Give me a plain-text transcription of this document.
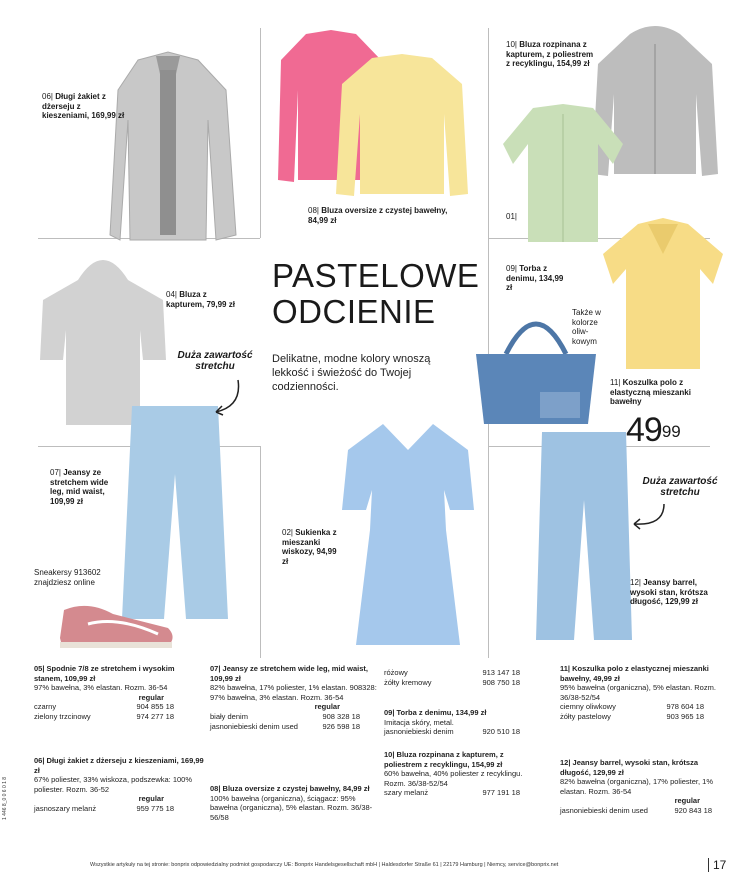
PASTELOWE
ODCIENIE
Delikatne, modne kolory wnoszą lekkość i świeżość do Twojej codzienności.
06| Długi żakiet z dżerseju z kieszeniami, 169,99 zł
08| Bluza oversize z czystej bawełny, 84,99 zł
10| Bluza rozpinana z kapturem, z poliestrem z recyklingu, 154,99 zł
01|
04| Bluza z kapturem, 79,99 zł
09| Torba z denimu, 134,99 zł
Także w kolorze oliw-kowym
11| Koszulka polo z elastyczną mieszanki bawełny
07| Jeansy ze stretchem wide leg, mid waist, 109,99 zł
02| Sukienka z mieszanki wiskozy, 94,99 zł
12| Jeansy barrel, wysoki stan, krótsza długość, 129,99 zł
Sneakersy 913602 znajdziesz online
Duża zawartość stretchu
Duża zawartość stretchu
$49^{99}$
05| Spodnie 7/8 ze stretchem i wysokim stanem, 109,99 zł
97% bawełna, 3% elastan. Rozm. 36-54
regular
czarny	904 855 18
zielony trzcinowy	974 277 18
06| Długi żakiet z dżerseju z kieszeniami, 169,99 zł
67% poliester, 33% wiskoza, podszewka: 100% poliester. Rozm. 36-52
regular
jasnoszary melanż	959 775 18
07| Jeansy ze stretchem wide leg, mid waist, 109,99 zł
82% bawełna, 17% poliester, 1% elastan. 908328: 97% bawełna, 3% elastan. Rozm. 36-54
regular
biały denim	908 328 18
jasnoniebieski denim used	926 598 18
08| Bluza oversize z czystej bawełny, 84,99 zł
100% bawełna (organiczna), ściągacz: 95% bawełna (organiczna), 5% elastan. Rozm. 36/38-56/58
różowy	913 147 18
żółty kremowy	908 750 18
09| Torba z denimu, 134,99 zł
Imitacja skóry, metal.
jasnoniebieski denim	920 510 18
10| Bluza rozpinana z kapturem, z poliestrem z recyklingu, 154,99 zł
60% bawełna, 40% poliester z recyklingu. Rozm. 36/38-52/54
szary melanż	977 191 18
11| Koszulka polo z elastycznej mieszanki bawełny, 49,99 zł
95% bawełna (organiczna), 5% elastan. Rozm. 36/38-52/54
ciemny oliwkowy	978 604 18
żółty pastelowy	903 965 18
12| Jeansy barrel, wysoki stan, krótsza długość, 129,99 zł
82% bawełna (organiczna), 17% poliester, 1% elastan. Rozm. 36-54
regular
jasnoniebieski denim used	920 843 18
Wszystkie artykuły na tej stronie: bonprix odpowiedzialny podmiot gospodarczy UE: Bonprix Handelsgesellschaft mbH | Haldesdorfer Straße 61 | 22179 Hamburg | Niemcy, service@bonprix.net	17
1 446 8_0 0 6 0 1 8
